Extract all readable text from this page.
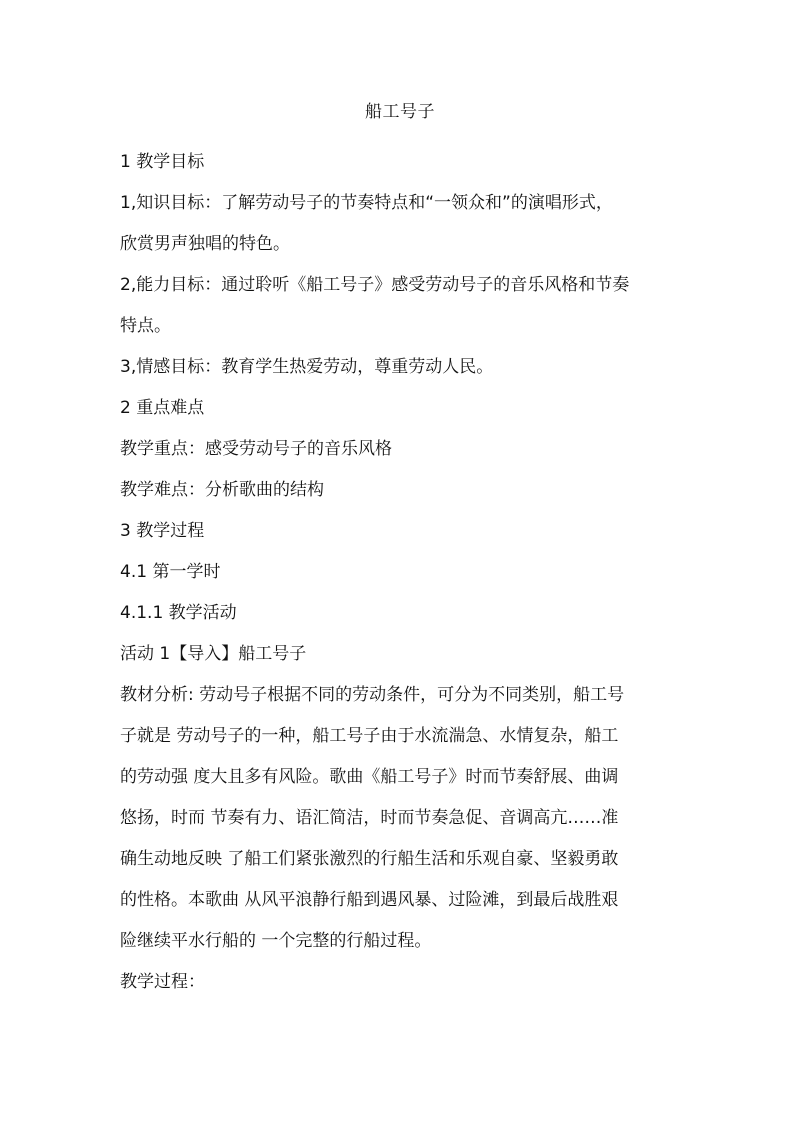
船工号子

1 教学目标

1,知识目标：了解劳动号子的节奏特点和“一领众和”的演唱形式，

欣赏男声独唱的特色。

2,能力目标：通过聆听《船工号子》感受劳动号子的音乐风格和节奏

特点。

3,情感目标：教育学生热爱劳动，尊重劳动人民。

2 重点难点

教学重点：感受劳动号子的音乐风格

教学难点：分析歌曲的结构

3 教学过程

4.1 第一学时

4.1.1 教学活动

活动 1【导入】船工号子

教材分析: 劳动号子根据不同的劳动条件，可分为不同类别，船工号

子就是 劳动号子的一种，船工号子由于水流湍急、水情复杂，船工

的劳动强 度大且多有风险。歌曲《船工号子》时而节奏舒展、曲调

悠扬，时而 节奏有力、语汇简洁，时而节奏急促、音调高亢……准

确生动地反映 了船工们紧张激烈的行船生活和乐观自豪、坚毅勇敢

的性格。本歌曲 从风平浪静行船到遇风暴、过险滩，到最后战胜艰

险继续平水行船的 一个完整的行船过程。

教学过程：
